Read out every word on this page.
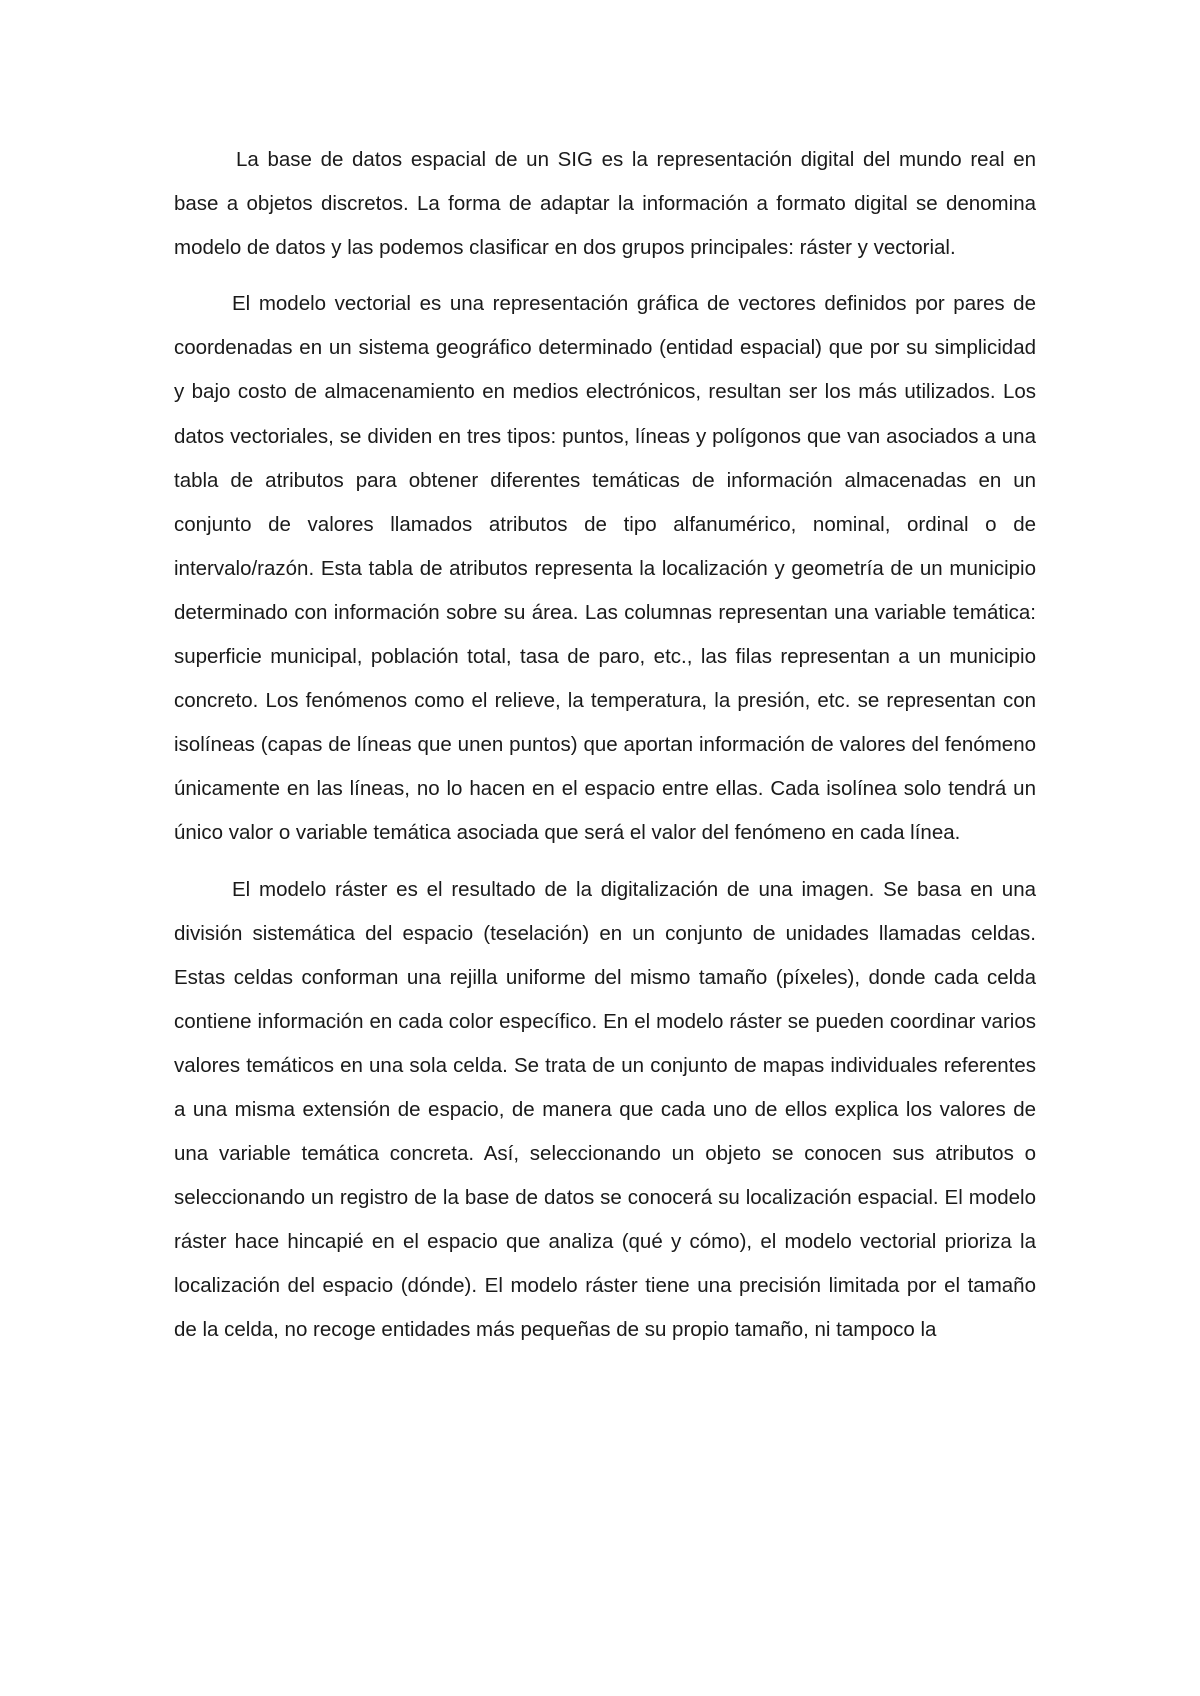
La base de datos espacial de un SIG es la representación digital del mundo real en base a objetos discretos. La forma de adaptar la información a formato digital se denomina modelo de datos y las podemos clasificar en dos grupos principales: ráster y vectorial.

El modelo vectorial es una representación gráfica de vectores definidos por pares de coordenadas en un sistema geográfico determinado (entidad espacial) que por su simplicidad y bajo costo de almacenamiento en medios electrónicos, resultan ser los más utilizados. Los datos vectoriales, se dividen en tres tipos: puntos, líneas y polígonos que van asociados a una tabla de atributos para obtener diferentes temáticas de información almacenadas en un conjunto de valores llamados atributos de tipo alfanumérico, nominal, ordinal o de intervalo/razón. Esta tabla de atributos representa la localización y geometría de un municipio determinado con información sobre su área. Las columnas representan una variable temática: superficie municipal, población total, tasa de paro, etc., las filas representan a un municipio concreto. Los fenómenos como el relieve, la temperatura, la presión, etc. se representan con isolíneas (capas de líneas que unen puntos) que aportan información de valores del fenómeno únicamente en las líneas, no lo hacen en el espacio entre ellas. Cada isolínea solo tendrá un único valor o variable temática asociada que será el valor del fenómeno en cada línea.

El modelo ráster es el resultado de la digitalización de una imagen. Se basa en una división sistemática del espacio (teselación) en un conjunto de unidades llamadas celdas. Estas celdas conforman una rejilla uniforme del mismo tamaño (píxeles), donde cada celda contiene información en cada color específico. En el modelo ráster se pueden coordinar varios valores temáticos en una sola celda. Se trata de un conjunto de mapas individuales referentes a una misma extensión de espacio, de manera que cada uno de ellos explica los valores de una variable temática concreta. Así, seleccionando un objeto se conocen sus atributos o seleccionando un registro de la base de datos se conocerá su localización espacial. El modelo ráster hace hincapié en el espacio que analiza (qué y cómo), el modelo vectorial prioriza la localización del espacio (dónde). El modelo ráster tiene una precisión limitada por el tamaño de la celda, no recoge entidades más pequeñas de su propio tamaño, ni tampoco la
